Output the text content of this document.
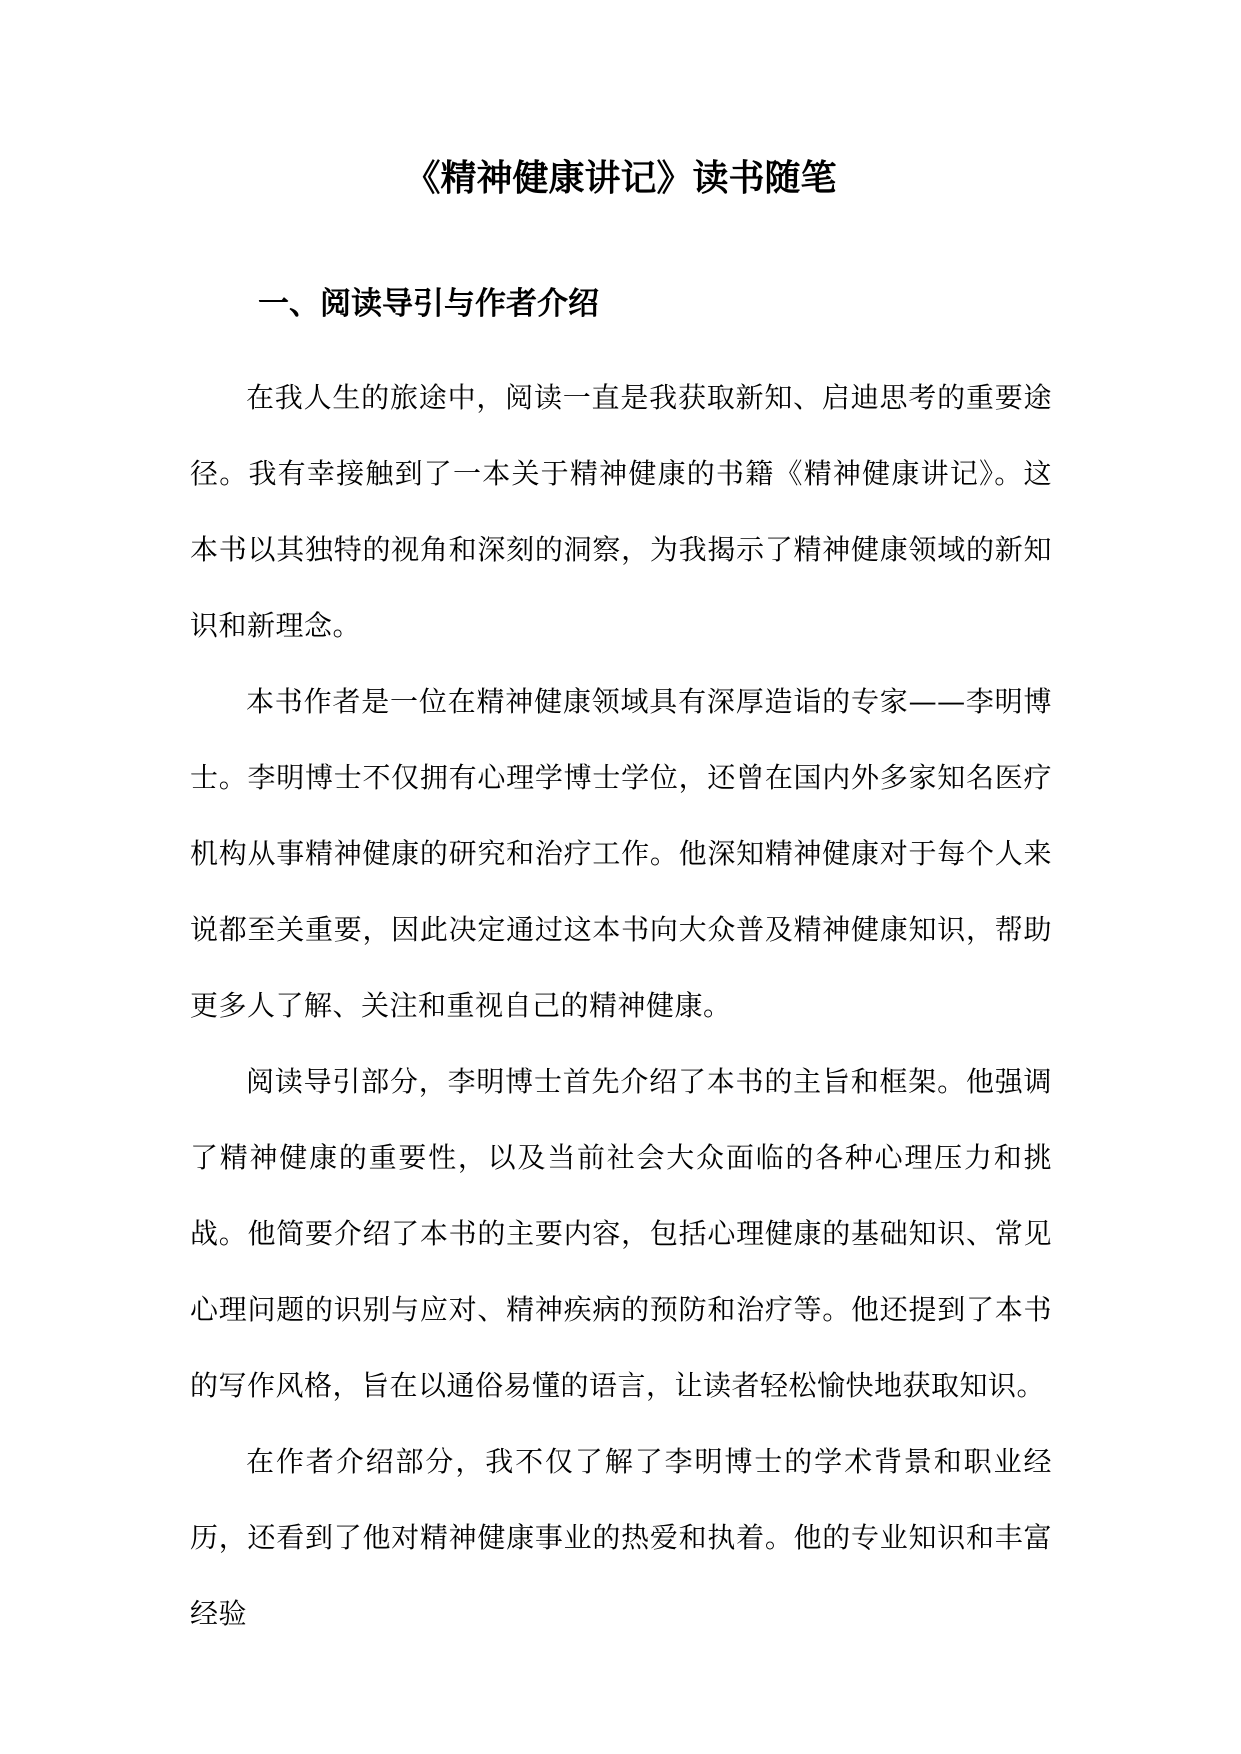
《精神健康讲记》读书随笔
一、阅读导引与作者介绍

在我人生的旅途中，阅读一直是我获取新知、启迪思考的重要途径。我有幸接触到了一本关于精神健康的书籍《精神健康讲记》。这本书以其独特的视角和深刻的洞察，为我揭示了精神健康领域的新知识和新理念。

本书作者是一位在精神健康领域具有深厚造诣的专家——李明博士。李明博士不仅拥有心理学博士学位，还曾在国内外多家知名医疗机构从事精神健康的研究和治疗工作。他深知精神健康对于每个人来说都至关重要，因此决定通过这本书向大众普及精神健康知识，帮助更多人了解、关注和重视自己的精神健康。

阅读导引部分，李明博士首先介绍了本书的主旨和框架。他强调了精神健康的重要性，以及当前社会大众面临的各种心理压力和挑战。他简要介绍了本书的主要内容，包括心理健康的基础知识、常见心理问题的识别与应对、精神疾病的预防和治疗等。他还提到了本书的写作风格，旨在以通俗易懂的语言，让读者轻松愉快地获取知识。

在作者介绍部分，我不仅了解了李明博士的学术背景和职业经历，还看到了他对精神健康事业的热爱和执着。他的专业知识和丰富经验
